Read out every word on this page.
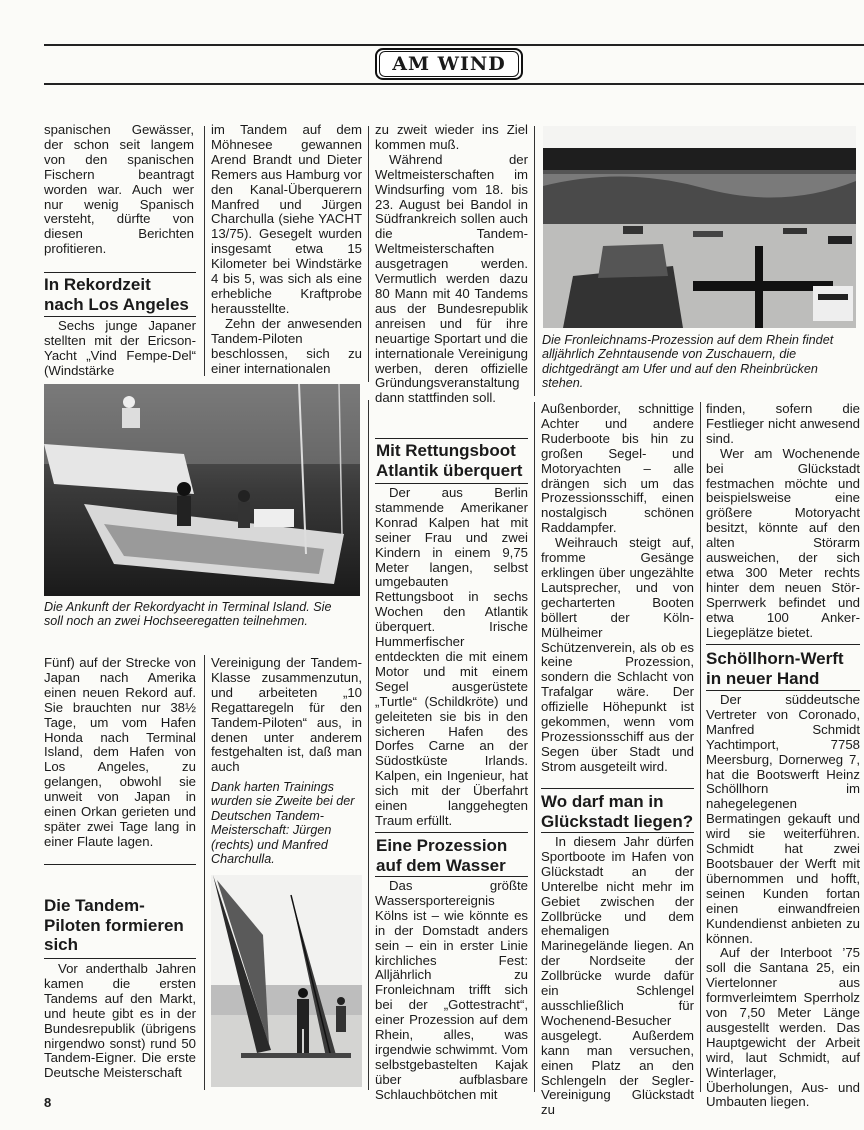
AM WIND

spanischen Gewässer, der schon seit langem von den spanischen Fischern beantragt worden war. Auch wer nur wenig Spanisch versteht, dürfte von diesen Berichten profitieren.

In Rekordzeit
nach Los Angeles

Sechs junge Japaner stellten mit der Ericson-Yacht „Vind Fempe-Del“ (Windstärke

im Tandem auf dem Möhnesee gewannen Arend Brandt und Dieter Remers aus Hamburg vor den Kanal-Überquerern Manfred und Jürgen Charchulla (siehe YACHT 13/75). Gesegelt wurden insgesamt etwa 15 Kilometer bei Windstärke 4 bis 5, was sich als eine erhebliche Kraftprobe herausstellte.

Zehn der anwesenden Tandem-Piloten beschlossen, sich zu einer internationalen

zu zweit wieder ins Ziel kommen muß.

Während der Weltmeisterschaften im Windsurfing vom 18. bis 23. August bei Bandol in Südfrankreich sollen auch die Tandem-Weltmeisterschaften ausgetragen werden. Vermutlich werden dazu 80 Mann mit 40 Tandems aus der Bundesrepublik anreisen und für ihre neuartige Sportart und die internationale Vereinigung werben, deren offizielle Gründungsveranstaltung dann stattfinden soll.

Die Ankunft der Rekordyacht in Terminal Island. Sie soll noch an zwei Hochseeregatten teilnehmen.

Fünf) auf der Strecke von Japan nach Amerika einen neuen Rekord auf. Sie brauchten nur 38½ Tage, um vom Hafen Honda nach Terminal Island, dem Hafen von Los Angeles, zu gelangen, obwohl sie unweit von Japan in einen Orkan gerieten und später zwei Tage lang in einer Flaute lagen.

Die Tandem-
Piloten formieren
sich

Vor anderthalb Jahren kamen die ersten Tandems auf den Markt, und heute gibt es in der Bundesrepublik (übrigens nirgendwo sonst) rund 50 Tandem-Eigner. Die erste Deutsche Meisterschaft

Vereinigung der Tandem-Klasse zusammenzutun, und arbeiteten „10 Regattaregeln für den Tandem-Piloten“ aus, in denen unter anderem festgehalten ist, daß man auch

Dank harten Trainings wurden sie Zweite bei der Deutschen Tandem-Meisterschaft: Jürgen (rechts) und Manfred Charchulla.
Mit Rettungsboot
Atlantik überquert

Der aus Berlin stammende Amerikaner Konrad Kalpen hat mit seiner Frau und zwei Kindern in einem 9,75 Meter langen, selbst umgebauten Rettungsboot in sechs Wochen den Atlantik überquert. Irische Hummerfischer entdeckten die mit einem Motor und mit einem Segel ausgerüstete „Turtle“ (Schildkröte) und geleiteten sie bis in den sicheren Hafen des Dorfes Carne an der Südostküste Irlands. Kalpen, ein Ingenieur, hat sich mit der Überfahrt einen langgehegten Traum erfüllt.

Eine Prozession
auf dem Wasser

Das größte Wassersportereignis Kölns ist – wie könnte es in der Domstadt anders sein – ein in erster Linie kirchliches Fest: Alljährlich zu Fronleichnam trifft sich bei der „Gottestracht“, einer Prozession auf dem Rhein, alles, was irgendwie schwimmt. Vom selbstgebastelten Kajak über aufblasbare Schlauchbötchen mit

Die Fronleichnams-Prozession auf dem Rhein findet alljährlich Zehntausende von Zuschauern, die dichtgedrängt am Ufer und auf den Rheinbrücken stehen.

Außenborder, schnittige Achter und andere Ruderboote bis hin zu großen Segel- und Motoryachten – alle drängen sich um das Prozessionsschiff, einen nostalgisch schönen Raddampfer.

Weihrauch steigt auf, fromme Gesänge erklingen über ungezählte Lautsprecher, und von gecharterten Booten böllert der Köln-Mülheimer Schützenverein, als ob es keine Prozession, sondern die Schlacht von Trafalgar wäre. Der offizielle Höhepunkt ist gekommen, wenn vom Prozessionsschiff aus der Segen über Stadt und Strom ausgeteilt wird.

Wo darf man in
Glückstadt liegen?

In diesem Jahr dürfen Sportboote im Hafen von Glückstadt an der Unterelbe nicht mehr im Gebiet zwischen der Zollbrücke und dem ehemaligen Marinegelände liegen. An der Nordseite der Zollbrücke wurde dafür ein Schlengel ausschließlich für Wochenend-Besucher ausgelegt. Außerdem kann man versuchen, einen Platz an den Schlengeln der Segler-Vereinigung Glückstadt zu

finden, sofern die Festlieger nicht anwesend sind.

Wer am Wochenende bei Glückstadt festmachen möchte und beispielsweise eine größere Motoryacht besitzt, könnte auf den alten Störarm ausweichen, der sich etwa 300 Meter rechts hinter dem neuen Stör-Sperrwerk befindet und etwa 100 Anker-Liegeplätze bietet.

Schöllhorn-Werft
in neuer Hand

Der süddeutsche Vertreter von Coronado, Manfred Schmidt Yachtimport, 7758 Meersburg, Dornerweg 7, hat die Bootswerft Heinz Schöllhorn im nahegelegenen Bermatingen gekauft und wird sie weiterführen. Schmidt hat zwei Bootsbauer der Werft mit übernommen und hofft, seinen Kunden fortan einen einwandfreien Kundendienst anbieten zu können.

Auf der Interboot ’75 soll die Santana 25, ein Viertelonner aus formverleimtem Sperrholz von 7,50 Meter Länge ausgestellt werden. Das Hauptgewicht der Arbeit wird, laut Schmidt, auf Winterlager, Überholungen, Aus- und Umbauten liegen.

8
